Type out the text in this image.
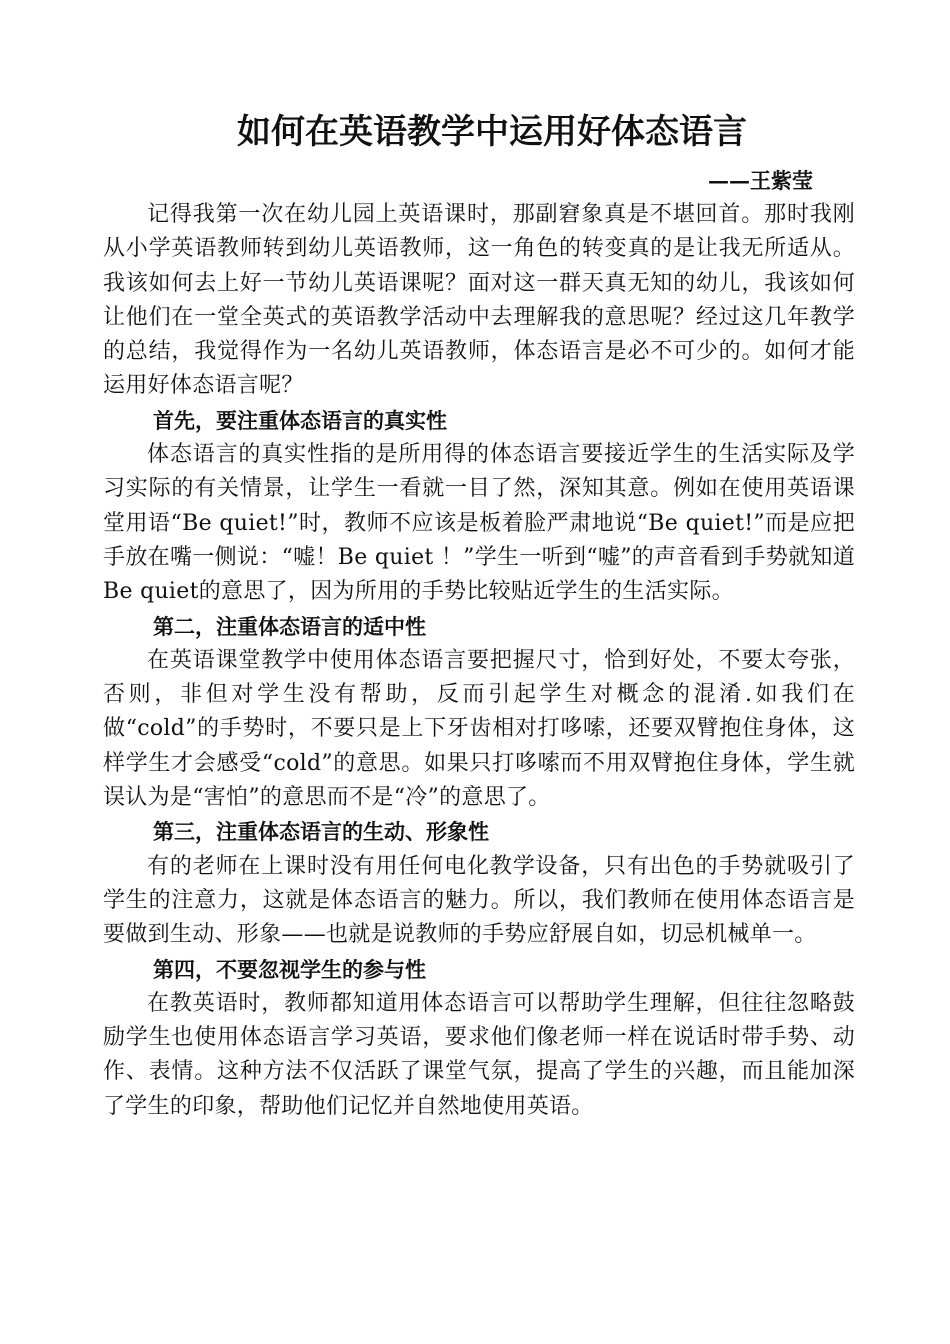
如何在英语教学中运用好体态语言
——王紫莹

记得我第一次在幼儿园上英语课时，那副窘象真是不堪回首。那时我刚从小学英语教师转到幼儿英语教师，这一角色的转变真的是让我无所适从。我该如何去上好一节幼儿英语课呢？面对这一群天真无知的幼儿，我该如何让他们在一堂全英式的英语教学活动中去理解我的意思呢？经过这几年教学的总结，我觉得作为一名幼儿英语教师，体态语言是必不可少的。如何才能运用好体态语言呢？

首先，要注重体态语言的真实性

体态语言的真实性指的是所用得的体态语言要接近学生的生活实际及学习实际的有关情景，让学生一看就一目了然，深知其意。例如在使用英语课堂用语“Be quiet!”时，教师不应该是板着脸严肃地说“Be quiet!”而是应把手放在嘴一侧说：“嘘！Be quiet ！”学生一听到“嘘”的声音看到手势就知道Be quiet的意思了，因为所用的手势比较贴近学生的生活实际。

第二，注重体态语言的适中性

在英语课堂教学中使用体态语言要把握尺寸，恰到好处，不要太夸张，否则，非但对学生没有帮助，反而引起学生对概念的混淆.如我们在做“cold”的手势时，不要只是上下牙齿相对打哆嗦，还要双臂抱住身体，这样学生才会感受“cold”的意思。如果只打哆嗦而不用双臂抱住身体，学生就误认为是“害怕”的意思而不是“冷”的意思了。

第三，注重体态语言的生动、形象性

有的老师在上课时没有用任何电化教学设备，只有出色的手势就吸引了学生的注意力，这就是体态语言的魅力。所以，我们教师在使用体态语言是要做到生动、形象——也就是说教师的手势应舒展自如，切忌机械单一。

第四，不要忽视学生的参与性

在教英语时，教师都知道用体态语言可以帮助学生理解，但往往忽略鼓励学生也使用体态语言学习英语，要求他们像老师一样在说话时带手势、动作、表情。这种方法不仅活跃了课堂气氛，提高了学生的兴趣，而且能加深了学生的印象，帮助他们记忆并自然地使用英语。
